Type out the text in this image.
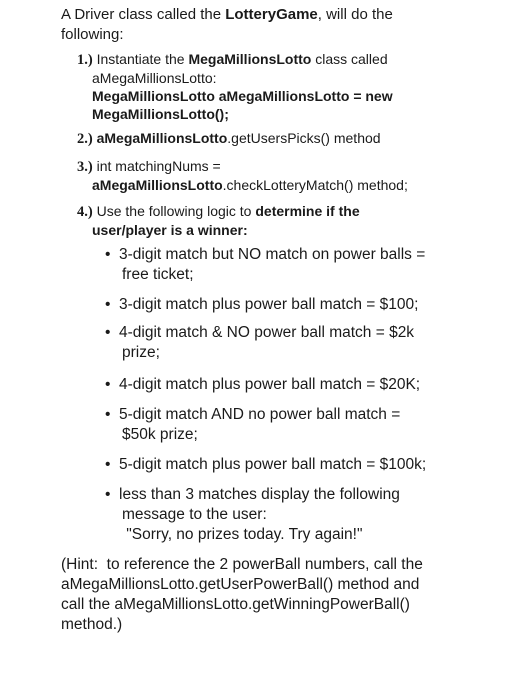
A Driver class called the LotteryGame, will do the
following:
1.) Instantiate the MegaMillionsLotto class called
aMegaMillionsLotto:
MegaMillionsLotto aMegaMillionsLotto = new
MegaMillionsLotto();
2.) aMegaMillionsLotto.getUsersPicks() method
3.) int matchingNums =
aMegaMillionsLotto.checkLotteryMatch() method;
4.) Use the following logic to determine if the
user/player is a winner:
• 3-digit match but NO match on power balls =
free ticket;
• 3-digit match plus power ball match = $100;
• 4-digit match & NO power ball match = $2k
prize;
• 4-digit match plus power ball match = $20K;
• 5-digit match AND no power ball match =
$50k prize;
• 5-digit match plus power ball match = $100k;
• less than 3 matches display the following
message to the user:
"Sorry, no prizes today. Try again!"
(Hint:  to reference the 2 powerBall numbers, call the
aMegaMillionsLotto.getUserPowerBall() method and
call the aMegaMillionsLotto.getWinningPowerBall()
method.)
